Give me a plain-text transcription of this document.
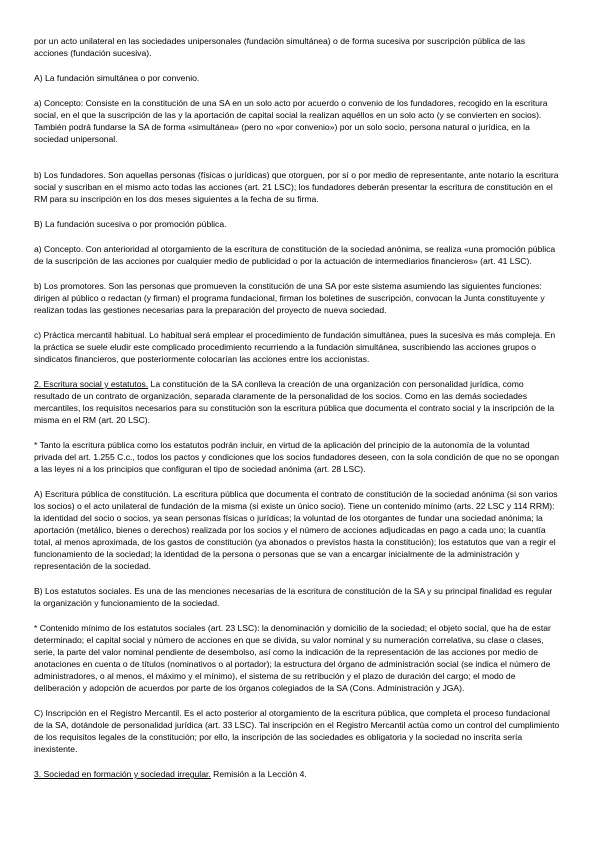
por un acto unilateral en las sociedades unipersonales (fundación simultánea) o de forma sucesiva por suscripción pública de las acciones (fundación sucesiva).

A) La fundación simultánea o por convenio.

a) Concepto: Consiste en la constitución de una SA en un solo acto por acuerdo o convenio de los fundadores, recogido en la escritura social, en el que la suscripción de las y la aportación de capital social la realizan aquéllos en un solo acto (y se convierten en socios). También podrá fundarse la SA de forma «simultánea» (pero no «por convenio») por un solo socio, persona natural o jurídica, en la sociedad unipersonal.

b) Los fundadores. Son aquellas personas (físicas o jurídicas) que otorguen, por sí o por medio de representante, ante notario la escritura social y suscriban en el mismo acto todas las acciones (art. 21 LSC); los fundadores deberán presentar la escritura de constitución en el RM para su inscripción en los dos meses siguientes a la fecha de su firma.

B) La fundación sucesiva o por promoción pública.

a) Concepto. Con anterioridad al otorgamiento de la escritura de constitución de la sociedad anónima, se realiza «una promoción pública de la suscripción de las acciones por cualquier medio de publicidad o por la actuación de intermediarios financieros» (art. 41 LSC).

b) Los promotores. Son las personas que promueven la constitución de una SA por este sistema asumiendo las siguientes funciones: dirigen al público o redactan (y firman) el programa fundacional, firman los boletines de suscripción, convocan la Junta constituyente y realizan todas las gestiones necesarias para la preparación del proyecto de nueva sociedad.

c) Práctica mercantil habitual. Lo habitual será emplear el procedimiento de fundación simultánea, pues la sucesiva es más compleja. En la práctica se suele eludir este complicado procedimiento recurriendo a la fundación simultánea, suscribiendo las acciones grupos o sindicatos financieros, que posteriormente colocarían las acciones entre los accionistas.

2. Escritura social y estatutos. La constitución de la SA conlleva la creación de una organización con personalidad jurídica, como resultado de un contrato de organización, separada claramente de la personalidad de los socios. Como en las demás sociedades mercantiles, los requisitos necesarios para su constitución son la escritura pública que documenta el contrato social y la inscripción de la misma en el RM (art. 20 LSC).

* Tanto la escritura pública como los estatutos podrán incluir, en virtud de la aplicación del principio de la autonomía de la voluntad privada del art. 1.255 C.c., todos los pactos y condiciones que los socios fundadores deseen, con la sola condición de que no se opongan a las leyes ni a los principios que configuran el tipo de sociedad anónima (art. 28 LSC).

A) Escritura pública de constitución. La escritura pública que documenta el contrato de constitución de la sociedad anónima (si son varios los socios) o el acto unilateral de fundación de la misma (si existe un único socio). Tiene un contenido mínimo (arts. 22 LSC y 114 RRM): la identidad del socio o socios, ya sean personas físicas o jurídicas; la voluntad de los otorgantes de fundar una sociedad anónima; la aportación (metálico, bienes o derechos) realizada por los socios y el número de acciones adjudicadas en pago a cada uno; la cuantía total, al menos aproximada, de los gastos de constitución (ya abonados o previstos hasta la constitución); los estatutos que van a regir el funcionamiento de la sociedad; la identidad de la persona o personas que se van a encargar inicialmente de la administración y representación de la sociedad.

B) Los estatutos sociales. Es una de las menciones necesarias de la escritura de constitución de la SA y su principal finalidad es regular la organización y funcionamiento de la sociedad.

* Contenido mínimo de los estatutos sociales (art. 23 LSC): la denominación y domicilio de la sociedad; el objeto social, que ha de estar determinado; el capital social y número de acciones en que se divida, su valor nominal y su numeración correlativa, su clase o clases, serie, la parte del valor nominal pendiente de desembolso, así como la indicación de la representación de las acciones por medio de anotaciones en cuenta o de títulos (nominativos o al portador); la estructura del órgano de administración social (se indica el número de administradores, o al menos, el máximo y el mínimo), el sistema de su retribución y el plazo de duración del cargo; el modo de deliberación y adopción de acuerdos por parte de los órganos colegiados de la SA (Cons. Administración y JGA).

C) Inscripción en el Registro Mercantil. Es el acto posterior al otorgamiento de la escritura pública, que completa el proceso fundacional de la SA, dotándole de personalidad jurídica (art. 33 LSC). Tal inscripción en el Registro Mercantil actúa como un control del cumplimiento de los requisitos legales de la constitución; por ello, la inscripción de las sociedades es obligatoria y la sociedad no inscrita sería inexistente.

3. Sociedad en formación y sociedad irregular. Remisión a la Lección 4.
